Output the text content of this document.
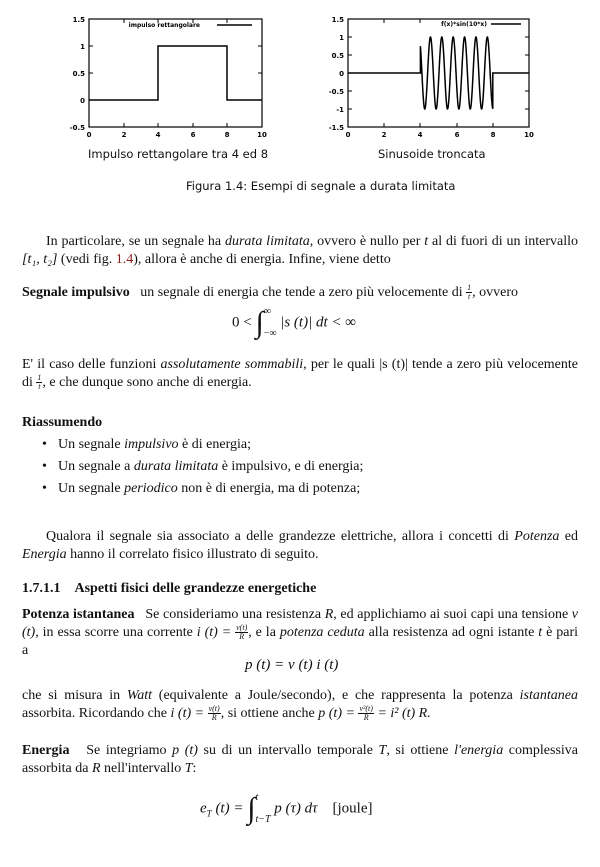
impulso rettangolare
1.5
1
0.5
0
-0.5
0	2	4	6	8	10
Impulso rettangolare tra 4 ed 8
f(x)*sin(10*x)
1.5
1
0.5
0
-0.5
-1
-1.5
0	2	4	6	8	10
Sinusoide troncata
Figura 1.4: Esempi di segnale a durata limitata
In particolare, se un segnale ha durata limitata, ovvero è nullo per t al di fuori di un intervallo [t₁, t₂] (vedi fig. 1.4), allora è anche di energia. Infine, viene detto
Segnale impulsivo un segnale di energia che tende a zero più velocemente di $\frac{1}{t}$ , ovvero
0 < ∫ ∞
−∞
|s (t)| dt < ∞
E' il caso delle funzioni assolutamente sommabili, per le quali |s (t)| tende a zero più velocemente di $\frac{1}{t}$ , e che dunque sono anche di energia.
Riassumendo
• Un segnale impulsivo è di energia;
• Un segnale a durata limitata è impulsivo, e di energia;
• Un segnale periodico non è di energia, ma di potenza;
Qualora il segnale sia associato a delle grandezze elettriche, allora i concetti di Potenza ed Energia hanno il correlato fisico illustrato di seguito.
1.7.1.1 Aspetti fisici delle grandezze energetiche
Potenza istantanea Se consideriamo una resistenza R, ed applichiamo ai suoi capi una tensione v (t), in essa scorre una corrente i $(t) = \frac{v(t)}{R}$ , e la potenza ceduta alla resistenza ad ogni istante t è pari a
p (t) = v (t) i (t)
che si misura in Watt (equivalente a Joule/secondo), e che rappresenta la potenza istantanea assorbita. Ricordando che i $(t) = \frac{v(t)}{R}$ , si ottiene anche p $(t) = \frac{\text{v²(t)}}{R} = i^2$ (t) R.
Energia Se integriamo p (t) su di un intervallo temporale T, si ottiene l'energia complessiva assorbita da R nell'intervallo T:
$e_T$ (t) = ∫ t
t−T
p (τ) dτ [joule]
